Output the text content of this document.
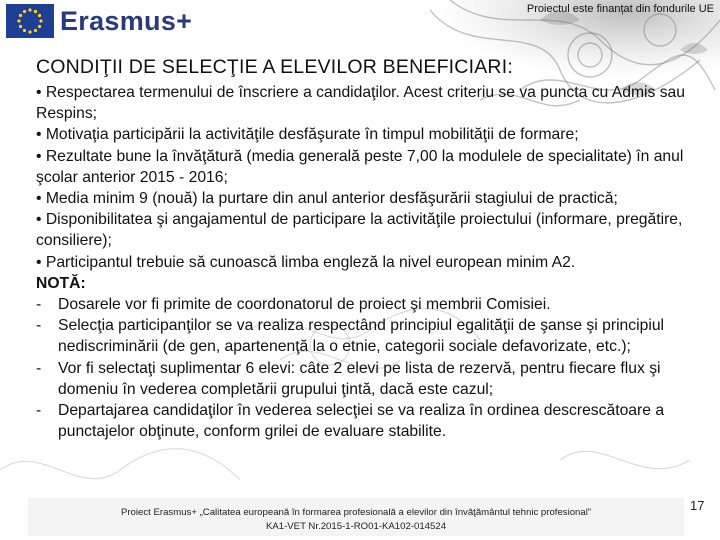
Erasmus+	Proiectul este finanțat din fondurile UE
CONDIŢII DE SELECŢIE A ELEVILOR BENEFICIARI:

• Respectarea termenului de înscriere a candidaţilor. Acest criteriu se va puncta cu Admis sau Respins;

• Motivaţia participării la activităţile desfăşurate în timpul mobilităţii de formare;

• Rezultate bune la învăţătură (media generală peste 7,00 la modulele de specialitate) în anul şcolar anterior 2015 - 2016;

• Media minim 9 (nouă) la purtare din anul anterior desfăşurării stagiului de practică;

• Disponibilitatea şi angajamentul de participare la activităţile proiectului (informare, pregătire, consiliere);

• Participantul trebuie să cunoască limba engleză la nivel european minim A2.

NOTĂ:

-	Dosarele vor fi primite de coordonatorul de proiect şi membrii Comisiei.
-	Selecţia participanţilor se va realiza respectând principiul egalităţii de şanse şi principiul nediscriminării (de gen, apartenenţă la o etnie, categorii sociale defavorizate, etc.);
-	Vor fi selectaţi suplimentar 6 elevi: câte 2 elevi pe lista de rezervă, pentru fiecare flux şi domeniu în vederea completării grupului ţintă, dacă este cazul;
-	Departajarea candidaţilor în vederea selecţiei se va realiza în ordinea descrescătoare a punctajelor obţinute, conform grilei de evaluare stabilite.
Proiect Erasmus+ „Calitatea europeană în formarea profesională a elevilor din învăţământul tehnic profesional”
KA1-VET Nr.2015-1-RO01-KA102-014524
17
